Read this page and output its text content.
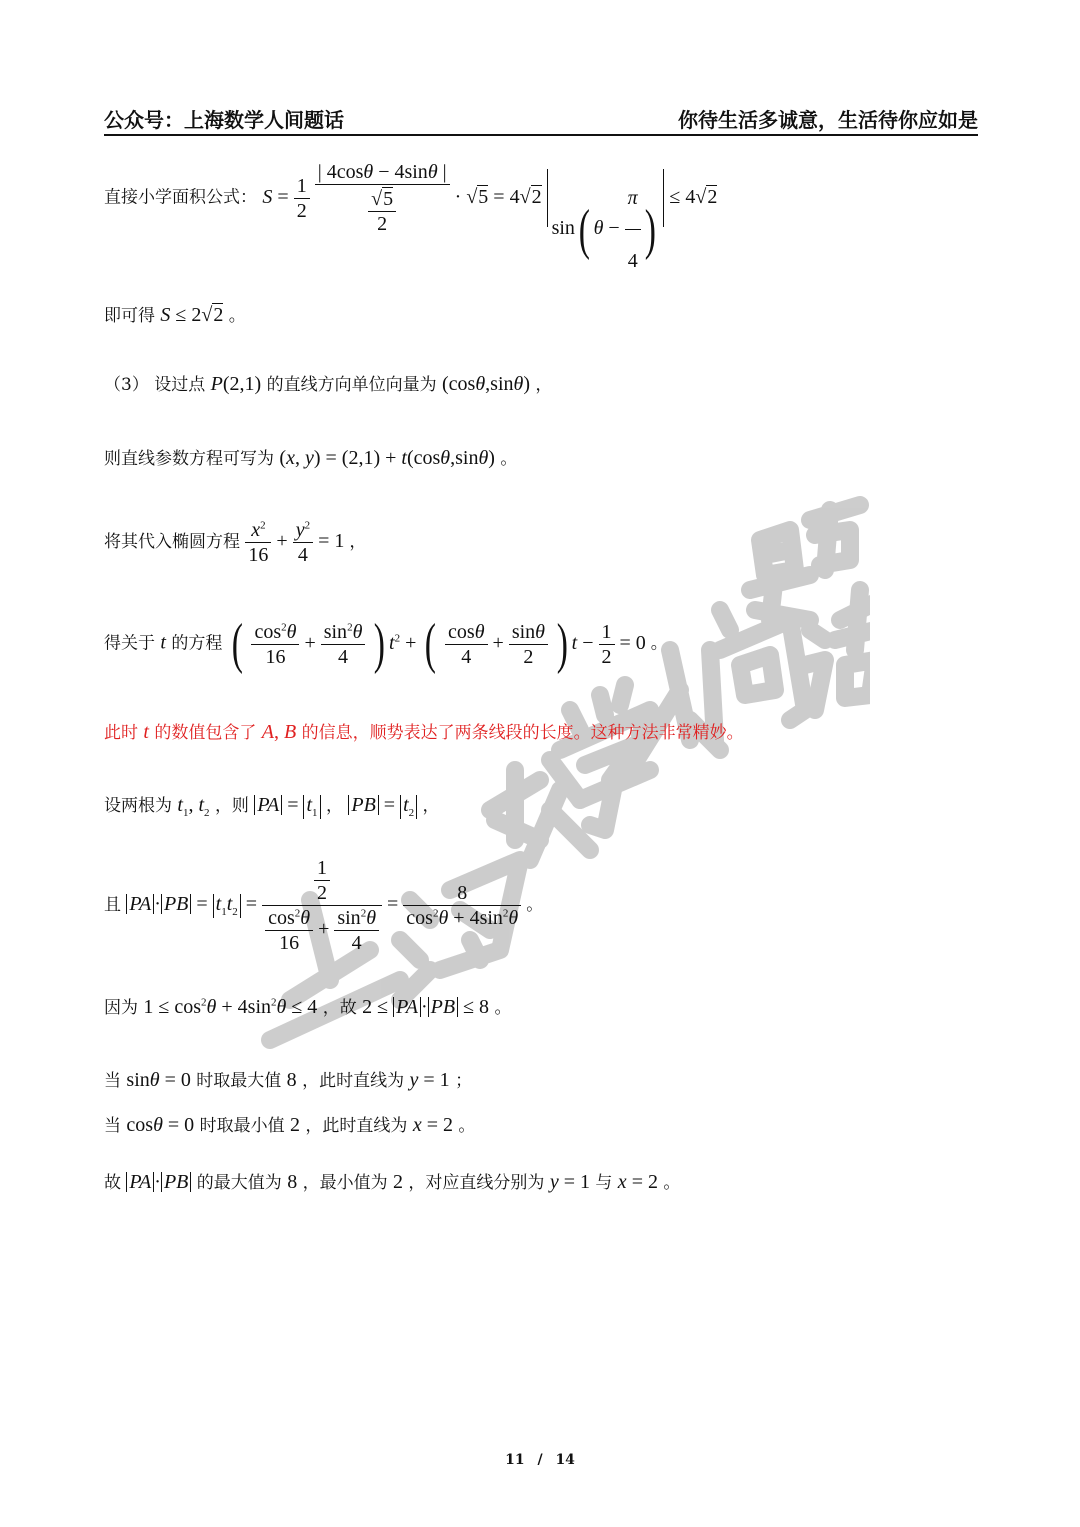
公众号：上海数学人间题话	你待生活多诚意，生活待你应如是
直接小学面积公式： $S = \frac{1}{2}$
$\frac{| 4\cos\theta - 4\sin\theta |}{\frac{√5}{2}} \cdot √5 = 4√2$ sin( $\theta - \frac{\pi}{4}$ ) ≤ 4√2
即可得 S ≤ 2√2 。
（3） 设过点 P(2,1) 的直线方向单位向量为 (cosθ,sinθ) ，
则直线参数方程可写为 (x, y) = (2,1) + t(cosθ,sinθ) 。
将其代入椭圆方程 $\frac{x^2}{16} + \frac{y^2}{4} = 1$ ，
得关于 t 的方程 ( $\frac{\cos^2\theta}{16} + \frac{\sin^2\theta}{4}$ ) $t^2$ + ( $\frac{\cos\theta}{4} + \frac{\sin\theta}{2}$ ) $t - \frac{1}{2} = 0$ 。
此时 t 的数值包含了 A, B 的信息，顺势表达了两条线段的长度。这种方法非常精妙。
设两根为 $t_1$, $t_2$ ，则 PA = $t_1$ ， PB = $t_2$ ，
且 PA · PB = $t_1t_2 = \frac{\frac{1}{2}}{\frac{\cos^2\theta}{16} + \frac{\sin^2\theta}{4}} = \frac{8}{\cos^2\theta + 4\sin^2\theta}$ 。
因为 $1 \le \cos^2\theta + 4\sin^2\theta \le 4$ ，故 2 ≤ PA · PB ≤ 8 。
当 sinθ = 0 时取最大值 8 ，此时直线为 y = 1 ；
当 cosθ = 0 时取最小值 2 ，此时直线为 x = 2 。
故 PA · PB 的最大值为 8 ，最小值为 2 ，对应直线分别为 y = 1 与 x = 2 。
11 / 14
